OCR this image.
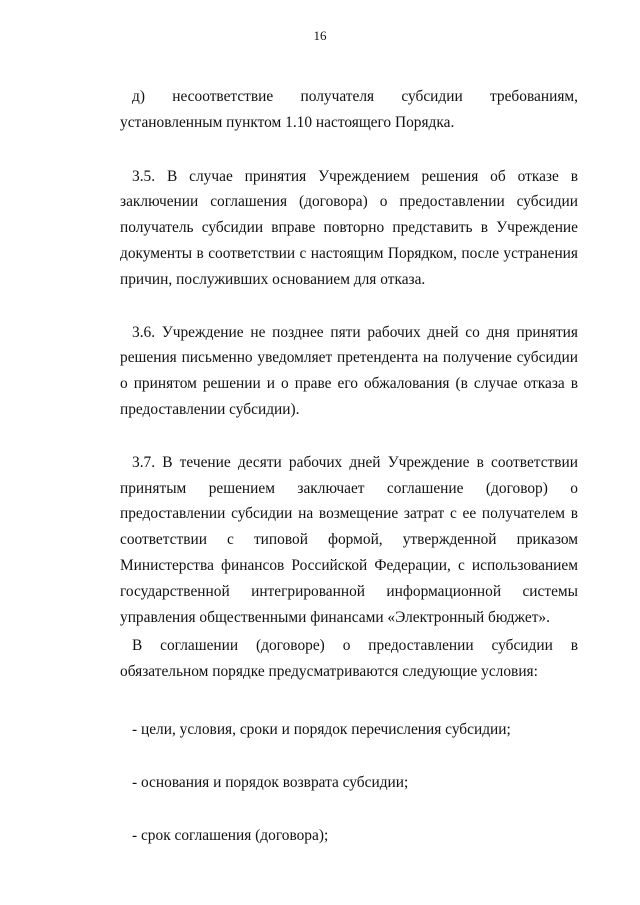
16

д) несоответствие получателя субсидии требованиям, установленным пунктом 1.10 настоящего Порядка.

3.5. В случае принятия Учреждением решения об отказе в заключении соглашения (договора) о предоставлении субсидии получатель субсидии вправе повторно представить в Учреждение документы в соответствии с настоящим Порядком, после устранения причин, послуживших основанием для отказа.

3.6. Учреждение не позднее пяти рабочих дней со дня принятия решения письменно уведомляет претендента на получение субсидии о принятом решении и о праве его обжалования (в случае отказа в предоставлении субсидии).

3.7. В течение десяти рабочих дней Учреждение в соответствии принятым решением заключает соглашение (договор) о предоставлении субсидии на возмещение затрат с ее получателем в соответствии с типовой формой, утвержденной приказом Министерства финансов Российской Федерации, с использованием государственной интегрированной информационной системы управления общественными финансами «Электронный бюджет».

В соглашении (договоре) о предоставлении субсидии в обязательном порядке предусматриваются следующие условия:

- цели, условия, сроки и порядок перечисления субсидии;

- основания и порядок возврата субсидии;

- срок соглашения (договора);
